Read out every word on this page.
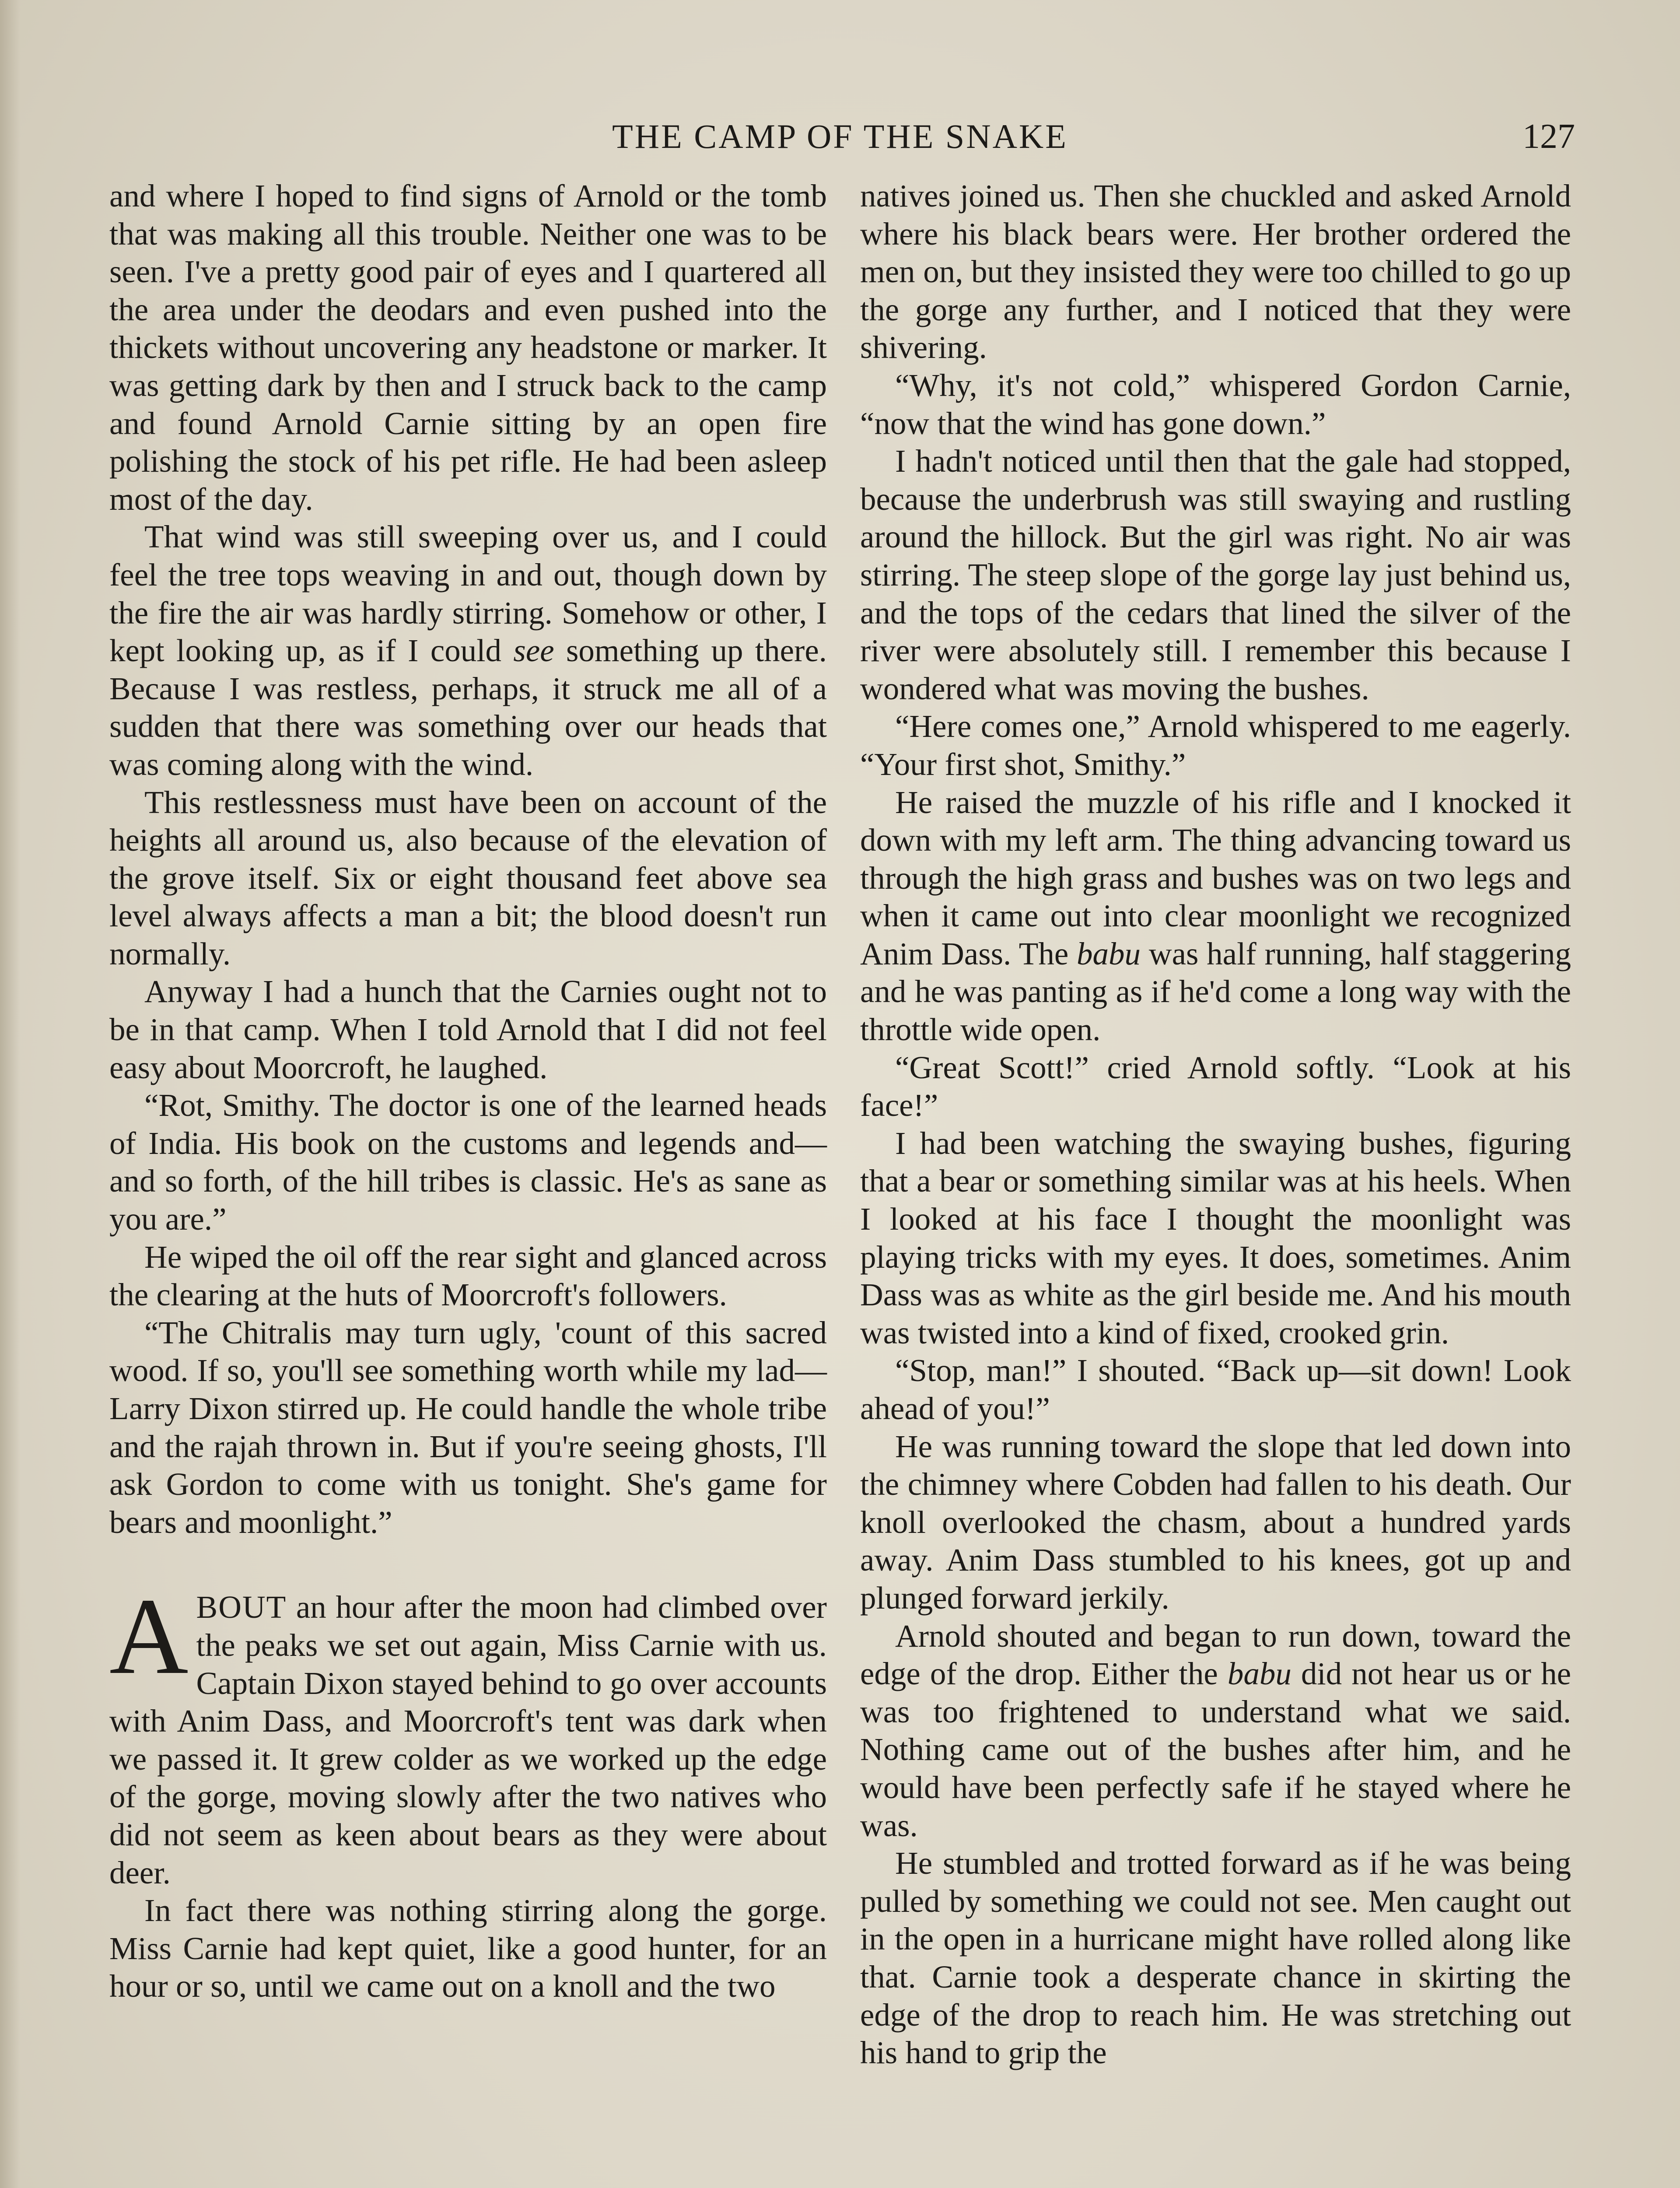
THE CAMP OF THE SNAKE	127

and where I hoped to find signs of Arnold or the tomb that was making all this trouble. Neither one was to be seen. I've a pretty good pair of eyes and I quartered all the area under the deodars and even pushed into the thickets without uncovering any headstone or marker. It was getting dark by then and I struck back to the camp and found Arnold Carnie sitting by an open fire polishing the stock of his pet rifle. He had been asleep most of the day.

That wind was still sweeping over us, and I could feel the tree tops weaving in and out, though down by the fire the air was hardly stirring. Somehow or other, I kept looking up, as if I could see something up there. Because I was restless, perhaps, it struck me all of a sudden that there was something over our heads that was coming along with the wind.

This restlessness must have been on account of the heights all around us, also because of the elevation of the grove itself. Six or eight thousand feet above sea level always affects a man a bit; the blood doesn't run normally.

Anyway I had a hunch that the Carnies ought not to be in that camp. When I told Arnold that I did not feel easy about Moorcroft, he laughed.

“Rot, Smithy. The doctor is one of the learned heads of India. His book on the customs and legends and—and so forth, of the hill tribes is classic. He's as sane as you are.”

He wiped the oil off the rear sight and glanced across the clearing at the huts of Moorcroft's followers.

“The Chitralis may turn ugly, 'count of this sacred wood. If so, you'll see something worth while my lad—Larry Dixon stirred up. He could handle the whole tribe and the rajah thrown in. But if you're seeing ghosts, I'll ask Gordon to come with us tonight. She's game for bears and moonlight.”

ABOUT an hour after the moon had climbed over the peaks we set out again, Miss Carnie with us. Captain Dixon stayed behind to go over accounts with Anim Dass, and Moorcroft's tent was dark when we passed it. It grew colder as we worked up the edge of the gorge, moving slowly after the two natives who did not seem as keen about bears as they were about deer.

In fact there was nothing stirring along the gorge. Miss Carnie had kept quiet, like a good hunter, for an hour or so, until we came out on a knoll and the two

natives joined us. Then she chuckled and asked Arnold where his black bears were. Her brother ordered the men on, but they insisted they were too chilled to go up the gorge any further, and I noticed that they were shivering.

“Why, it's not cold,” whispered Gordon Carnie, “now that the wind has gone down.”

I hadn't noticed until then that the gale had stopped, because the underbrush was still swaying and rustling around the hillock. But the girl was right. No air was stirring. The steep slope of the gorge lay just behind us, and the tops of the cedars that lined the silver of the river were absolutely still. I remember this because I wondered what was moving the bushes.

“Here comes one,” Arnold whispered to me eagerly. “Your first shot, Smithy.”

He raised the muzzle of his rifle and I knocked it down with my left arm. The thing advancing toward us through the high grass and bushes was on two legs and when it came out into clear moonlight we recognized Anim Dass. The babu was half running, half staggering and he was panting as if he'd come a long way with the throttle wide open.

“Great Scott!” cried Arnold softly. “Look at his face!”

I had been watching the swaying bushes, figuring that a bear or something similar was at his heels. When I looked at his face I thought the moonlight was playing tricks with my eyes. It does, sometimes. Anim Dass was as white as the girl beside me. And his mouth was twisted into a kind of fixed, crooked grin.

“Stop, man!” I shouted. “Back up—sit down! Look ahead of you!”

He was running toward the slope that led down into the chimney where Cobden had fallen to his death. Our knoll overlooked the chasm, about a hundred yards away. Anim Dass stumbled to his knees, got up and plunged forward jerkily.

Arnold shouted and began to run down, toward the edge of the drop. Either the babu did not hear us or he was too frightened to understand what we said. Nothing came out of the bushes after him, and he would have been perfectly safe if he stayed where he was.

He stumbled and trotted forward as if he was being pulled by something we could not see. Men caught out in the open in a hurricane might have rolled along like that. Carnie took a desperate chance in skirting the edge of the drop to reach him. He was stretching out his hand to grip the
